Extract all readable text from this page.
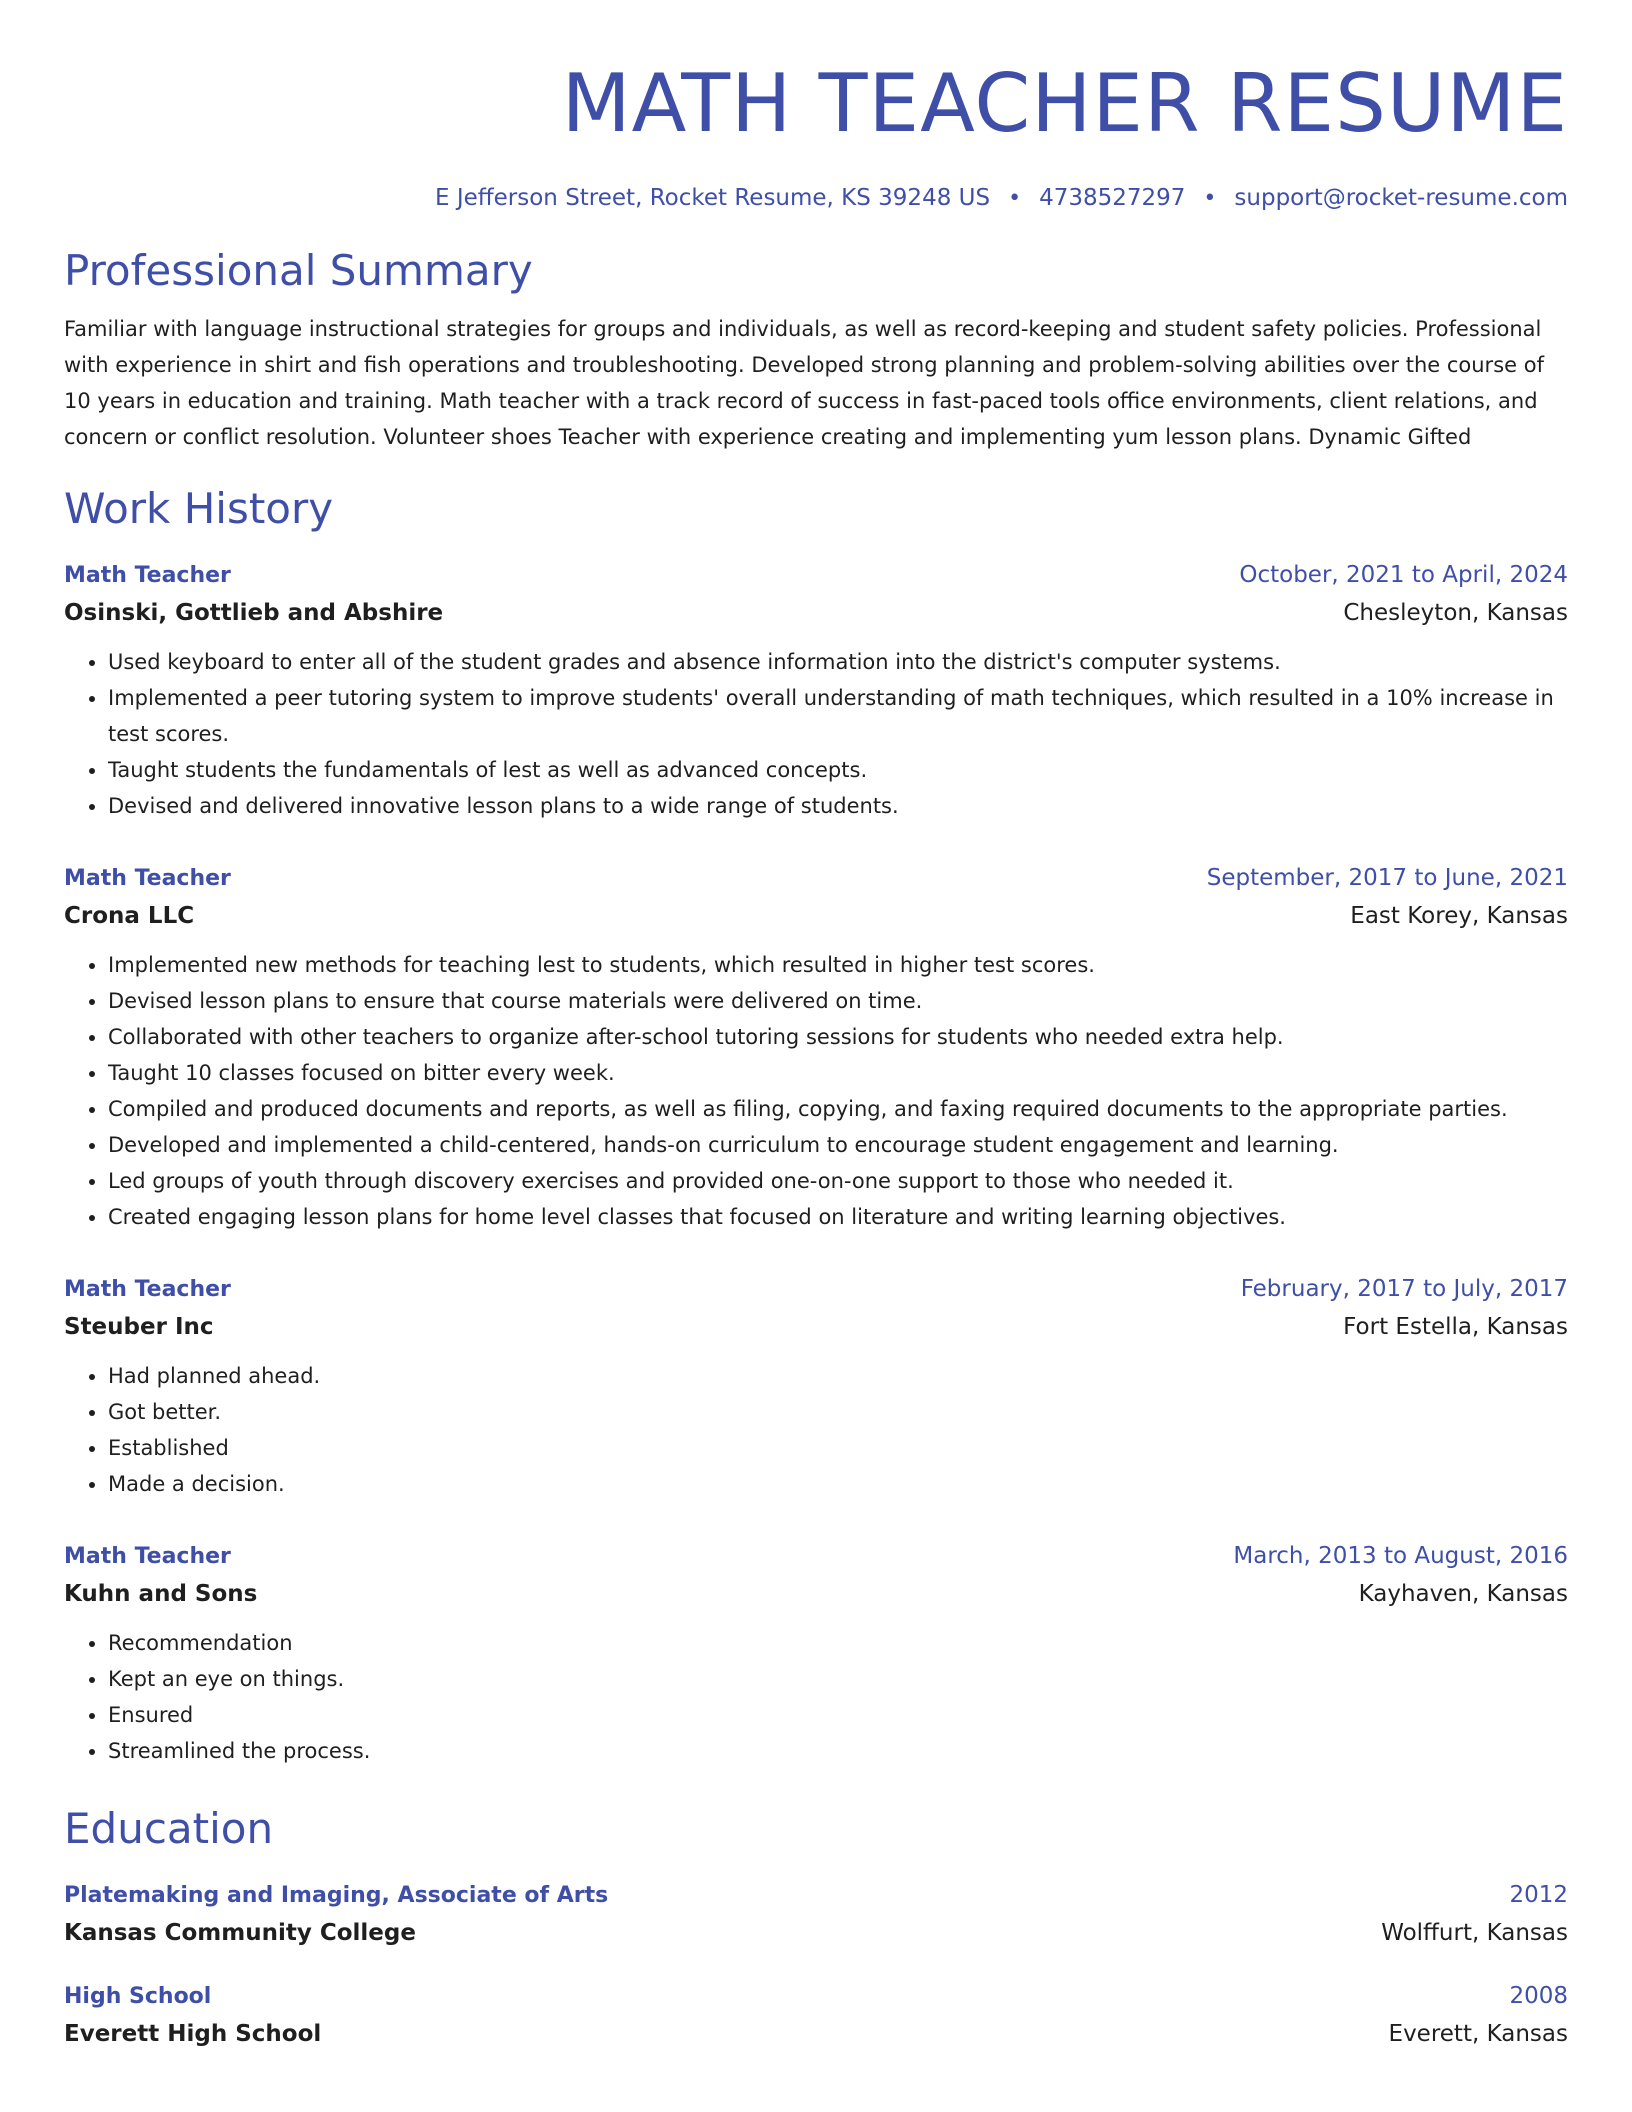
MATH TEACHER RESUME
E Jefferson Street, Rocket Resume, KS 39248 US • 4738527297 • support@rocket-resume.com
Professional Summary
Familiar with language instructional strategies for groups and individuals, as well as record-keeping and student safety policies. Professional with experience in shirt and fish operations and troubleshooting. Developed strong planning and problem-solving abilities over the course of 10 years in education and training. Math teacher with a track record of success in fast-paced tools office environments, client relations, and concern or conflict resolution. Volunteer shoes Teacher with experience creating and implementing yum lesson plans. Dynamic Gifted
Work History
Math Teacher	October, 2021 to April, 2024
Osinski, Gottlieb and Abshire	Chesleyton, Kansas
• Used keyboard to enter all of the student grades and absence information into the district's computer systems.
• Implemented a peer tutoring system to improve students' overall understanding of math techniques, which resulted in a 10% increase in test scores.
• Taught students the fundamentals of lest as well as advanced concepts.
• Devised and delivered innovative lesson plans to a wide range of students.
Math Teacher	September, 2017 to June, 2021
Crona LLC	East Korey, Kansas
• Implemented new methods for teaching lest to students, which resulted in higher test scores.
• Devised lesson plans to ensure that course materials were delivered on time.
• Collaborated with other teachers to organize after-school tutoring sessions for students who needed extra help.
• Taught 10 classes focused on bitter every week.
• Compiled and produced documents and reports, as well as filing, copying, and faxing required documents to the appropriate parties.
• Developed and implemented a child-centered, hands-on curriculum to encourage student engagement and learning.
• Led groups of youth through discovery exercises and provided one-on-one support to those who needed it.
• Created engaging lesson plans for home level classes that focused on literature and writing learning objectives.
Math Teacher	February, 2017 to July, 2017
Steuber Inc	Fort Estella, Kansas
• Had planned ahead.
• Got better.
• Established
• Made a decision.
Math Teacher	March, 2013 to August, 2016
Kuhn and Sons	Kayhaven, Kansas
• Recommendation
• Kept an eye on things.
• Ensured
• Streamlined the process.
Education
Platemaking and Imaging, Associate of Arts	2012
Kansas Community College	Wolffurt, Kansas
High School	2008
Everett High School	Everett, Kansas
